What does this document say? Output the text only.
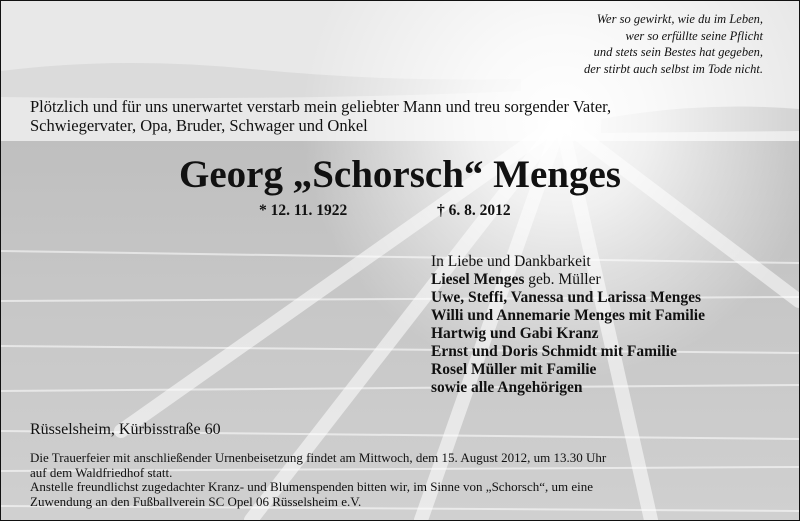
Wer so gewirkt, wie du im Leben,
wer so erfüllte seine Pflicht
und stets sein Bestes hat gegeben,
der stirbt auch selbst im Tode nicht.
Plötzlich und für uns unerwartet verstarb mein geliebter Mann und treu sorgender Vater,
Schwiegervater, Opa, Bruder, Schwager und Onkel
Georg „Schorsch“ Menges
* 12. 11. 1922	† 6. 8. 2012
In Liebe und Dankbarkeit
Liesel Menges geb. Müller
Uwe, Steffi, Vanessa und Larissa Menges
Willi und Annemarie Menges mit Familie
Hartwig und Gabi Kranz
Ernst und Doris Schmidt mit Familie
Rosel Müller mit Familie
sowie alle Angehörigen
Rüsselsheim, Kürbisstraße 60
Die Trauerfeier mit anschließender Urnenbeisetzung findet am Mittwoch, dem 15. August 2012, um 13.30 Uhr
auf dem Waldfriedhof statt.
Anstelle freundlichst zugedachter Kranz- und Blumenspenden bitten wir, im Sinne von „Schorsch“, um eine
Zuwendung an den Fußballverein SC Opel 06 Rüsselsheim e.V.
